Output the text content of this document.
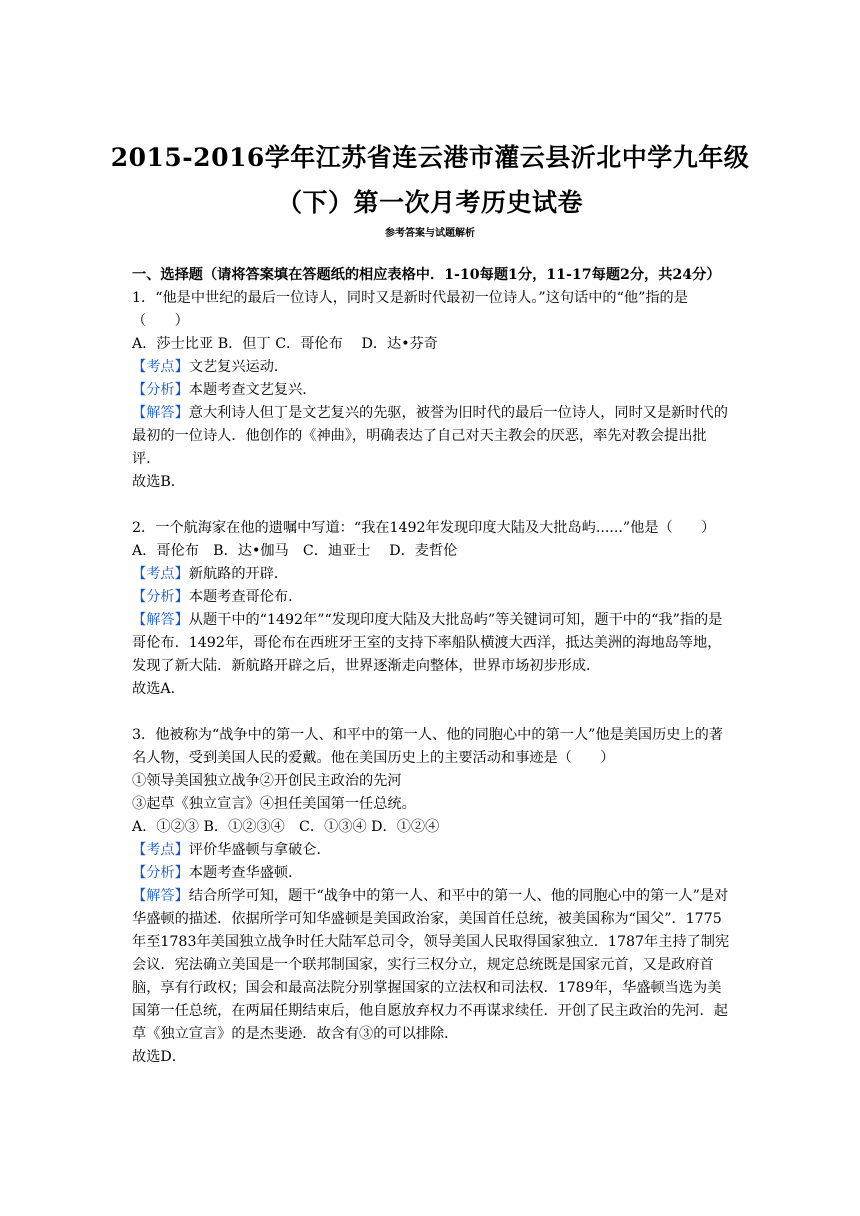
2015-2016学年江苏省连云港市灌云县沂北中学九年级
（下）第一次月考历史试卷
参考答案与试题解析

一、选择题（请将答案填在答题纸的相应表格中．1-10每题1分，11-17每题2分，共24分）

1．“他是中世纪的最后一位诗人，同时又是新时代最初一位诗人。”这句话中的“他”指的是（　　）

A．莎士比亚 B．但丁 C．哥伦布　 D．达•芬奇

【考点】文艺复兴运动．

【分析】本题考查文艺复兴．

【解答】意大利诗人但丁是文艺复兴的先驱，被誉为旧时代的最后一位诗人，同时又是新时代的最初的一位诗人．他创作的《神曲》，明确表达了自己对天主教会的厌恶，率先对教会提出批评．

故选B．

2．一个航海家在他的遗嘱中写道：“我在1492年发现印度大陆及大批岛屿......”他是（　　）

A．哥伦布　B．达•伽马　C．迪亚士　 D．麦哲伦

【考点】新航路的开辟．

【分析】本题考查哥伦布．

【解答】从题干中的“1492年”“发现印度大陆及大批岛屿”等关键词可知，题干中的“我”指的是哥伦布．1492年，哥伦布在西班牙王室的支持下率船队横渡大西洋，抵达美洲的海地岛等地，发现了新大陆．新航路开辟之后，世界逐渐走向整体，世界市场初步形成．

故选A．

3．他被称为“战争中的第一人、和平中的第一人、他的同胞心中的第一人”他是美国历史上的著名人物，受到美国人民的爱戴。他在美国历史上的主要活动和事迹是（　　）

①领导美国独立战争②开创民主政治的先河

③起草《独立宣言》④担任美国第一任总统。

A．①②③ B．①②③④　C．①③④ D．①②④

【考点】评价华盛顿与拿破仑．

【分析】本题考查华盛顿．

【解答】结合所学可知，题干“战争中的第一人、和平中的第一人、他的同胞心中的第一人”是对华盛顿的描述．依据所学可知华盛顿是美国政治家，美国首任总统，被美国称为“国父”．1775年至1783年美国独立战争时任大陆军总司令，领导美国人民取得国家独立．1787年主持了制宪会议．宪法确立美国是一个联邦制国家，实行三权分立，规定总统既是国家元首，又是政府首脑，享有行政权；国会和最高法院分别掌握国家的立法权和司法权．1789年，华盛顿当选为美国第一任总统，在两届任期结束后，他自愿放弃权力不再谋求续任．开创了民主政治的先河．起草《独立宣言》的是杰斐逊．故含有③的可以排除．

故选D．
